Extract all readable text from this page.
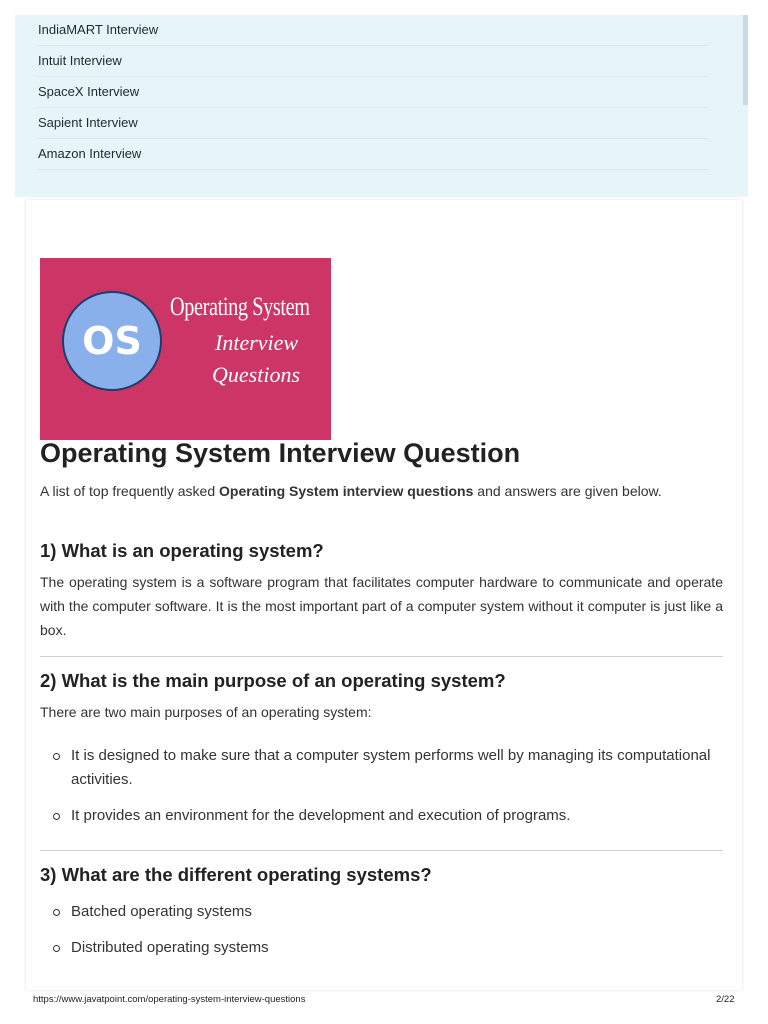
IndiaMART Interview
Intuit Interview
SpaceX Interview
Sapient Interview
Amazon Interview
OS
Operating System
Interview
Questions
Operating System Interview Question

A list of top frequently asked Operating System interview questions and answers are given below.

1) What is an operating system?

The operating system is a software program that facilitates computer hardware to communicate and operate with the computer software. It is the most important part of a computer system without it computer is just like a box.

2) What is the main purpose of an operating system?

There are two main purposes of an operating system:

It is designed to make sure that a computer system performs well by managing its computational activities.
It provides an environment for the development and execution of programs.
3) What are the different operating systems?
Batched operating systems
Distributed operating systems
https://www.javatpoint.com/operating-system-interview-questions	2/22
